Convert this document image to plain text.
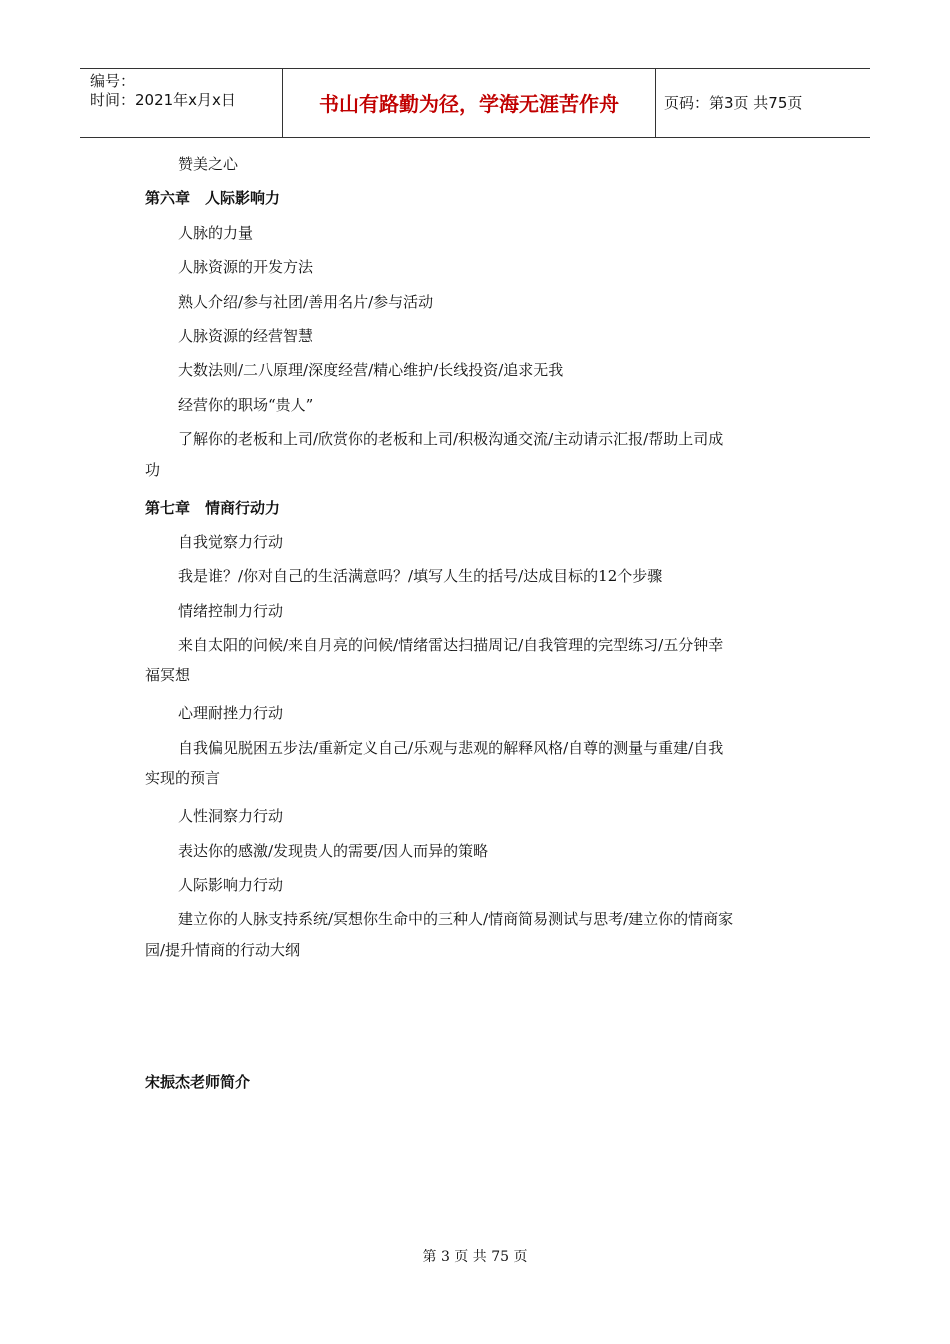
编号：
时间：2021年x月x日	书山有路勤为径，学海无涯苦作舟	页码：第3页 共75页
赞美之心
第六章　人际影响力
人脉的力量
人脉资源的开发方法
熟人介绍/参与社团/善用名片/参与活动
人脉资源的经营智慧
大数法则/二八原理/深度经营/精心维护/长线投资/追求无我
经营你的职场“贵人”
了解你的老板和上司/欣赏你的老板和上司/积极沟通交流/主动请示汇报/帮助上司成
功
第七章　情商行动力
自我觉察力行动
我是谁？/你对自己的生活满意吗？/填写人生的括号/达成目标的12个步骤
情绪控制力行动
来自太阳的问候/来自月亮的问候/情绪雷达扫描周记/自我管理的完型练习/五分钟幸
福冥想
心理耐挫力行动
自我偏见脱困五步法/重新定义自己/乐观与悲观的解释风格/自尊的测量与重建/自我
实现的预言
人性洞察力行动
表达你的感激/发现贵人的需要/因人而异的策略
人际影响力行动
建立你的人脉支持系统/冥想你生命中的三种人/情商简易测试与思考/建立你的情商家
园/提升情商的行动大纲
宋振杰老师简介
第 3 页 共 75 页
